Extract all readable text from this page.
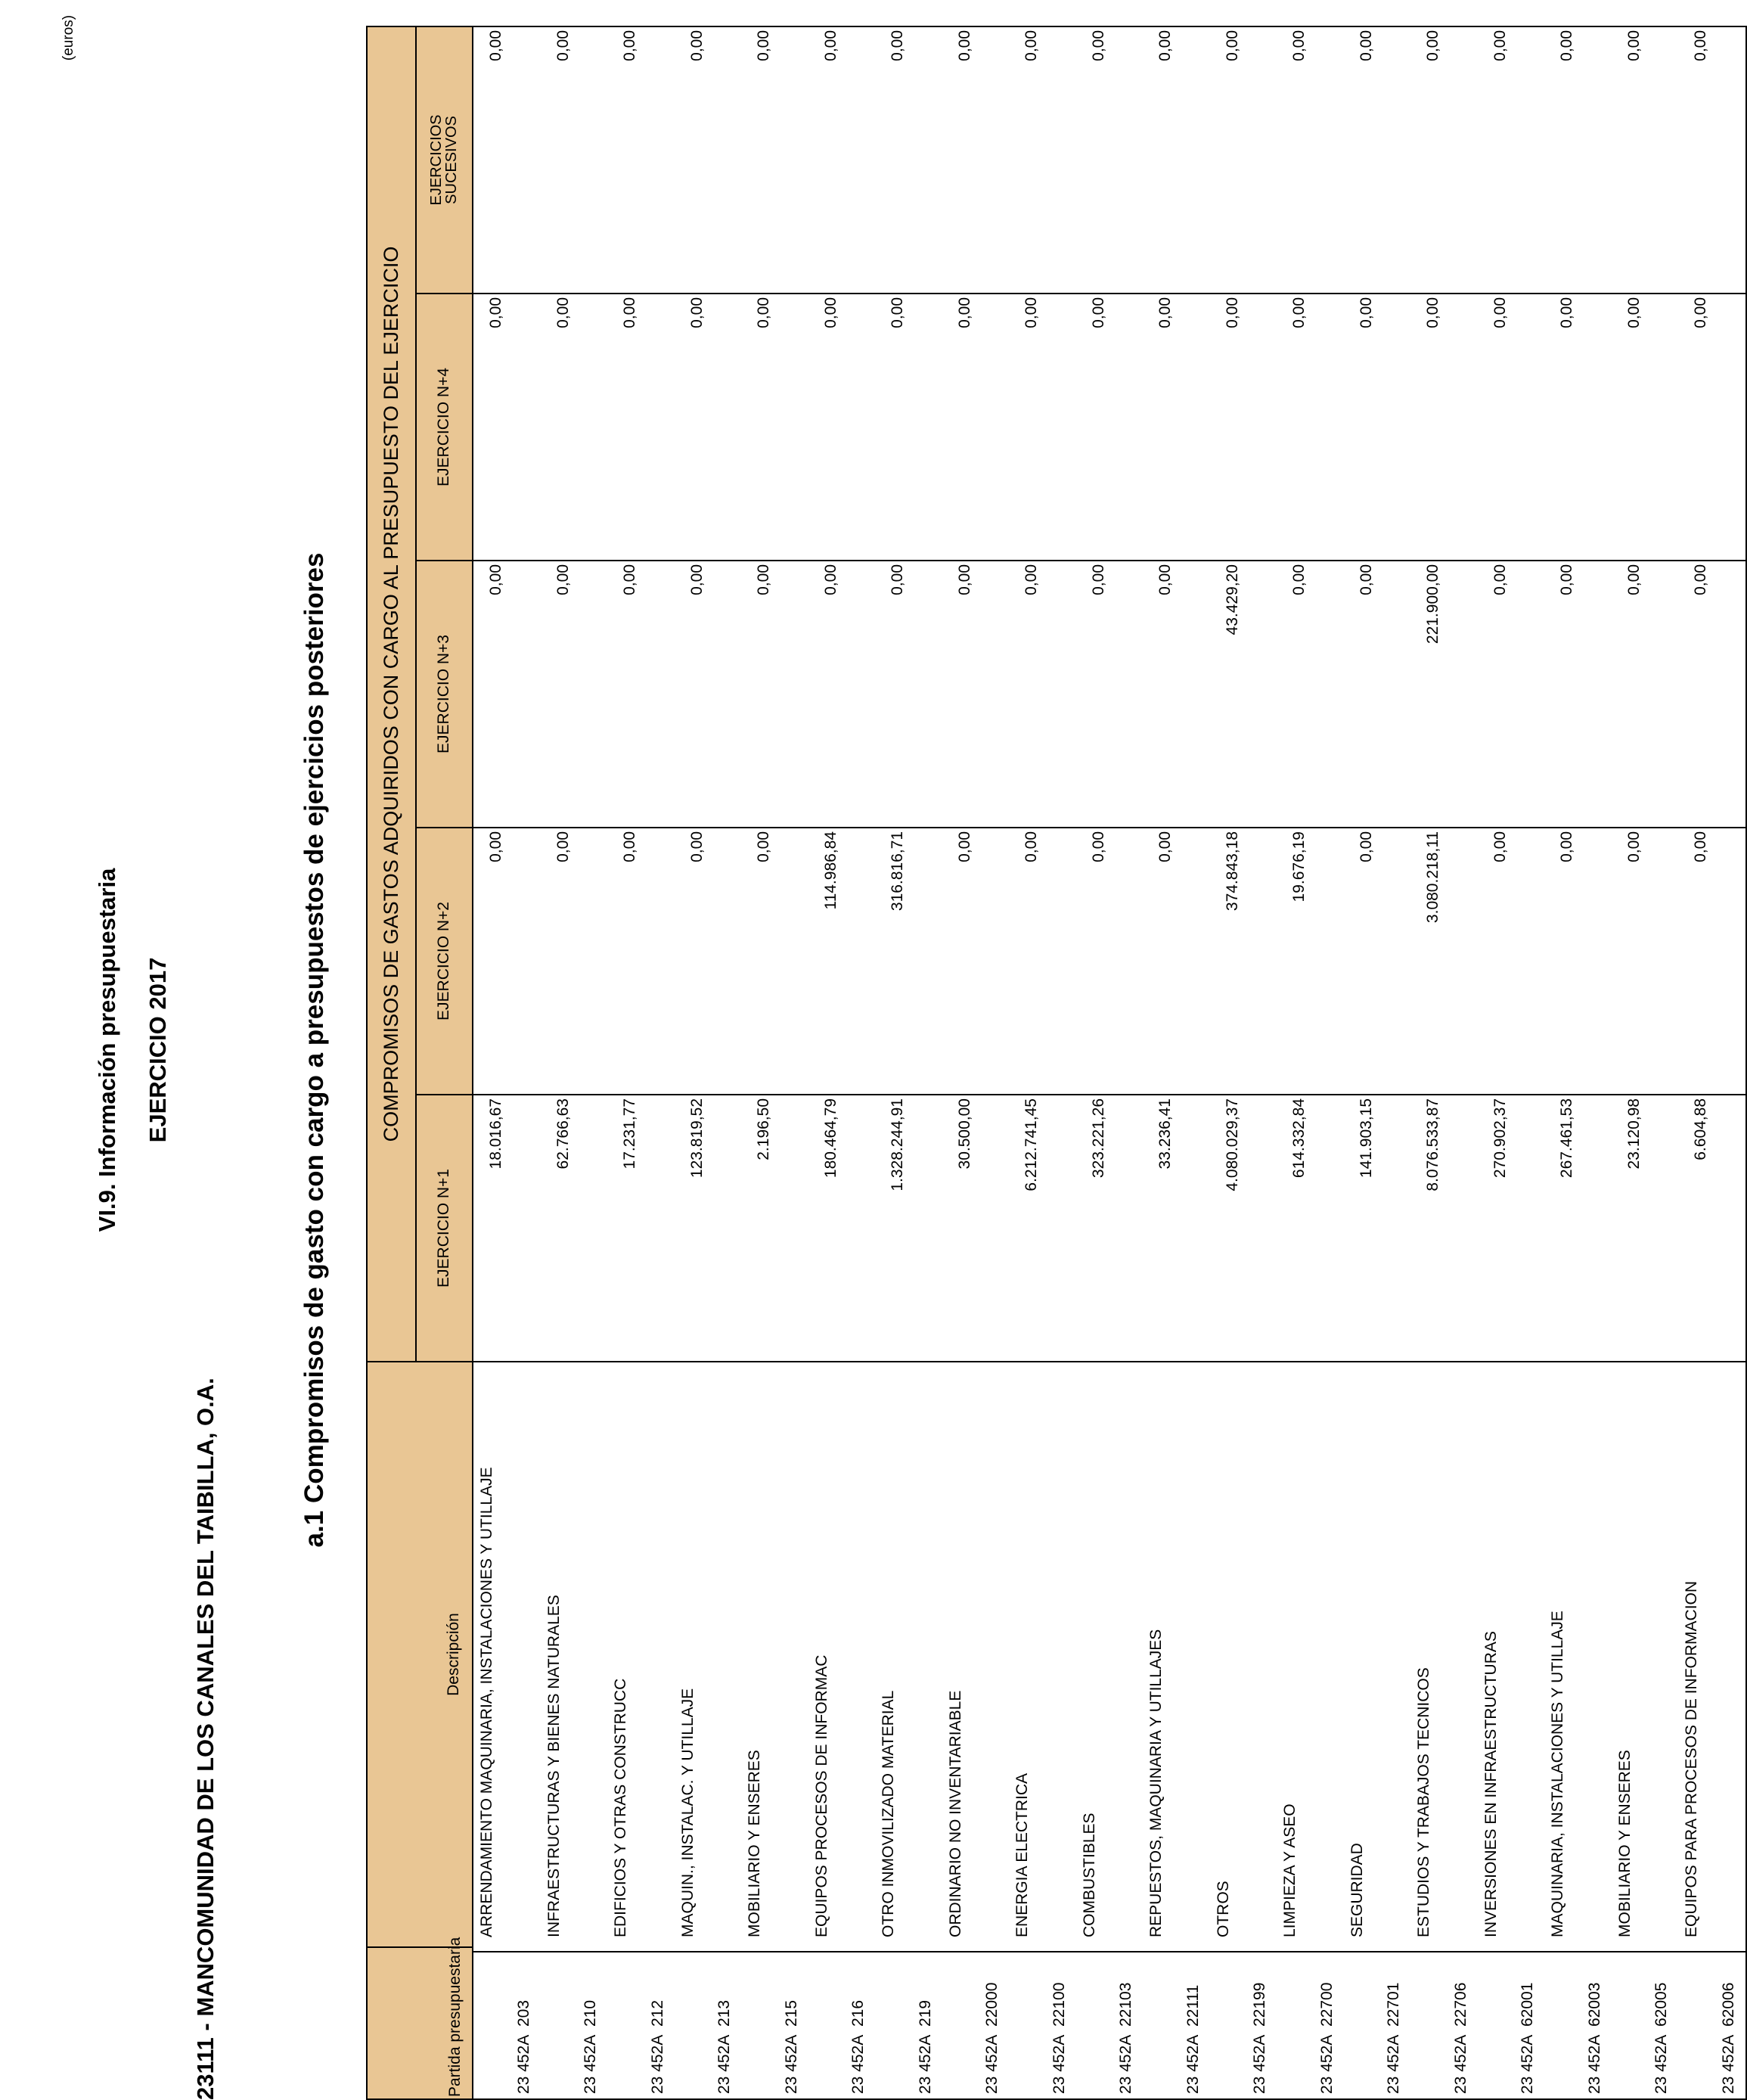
VI.9. Información presupuestaria EJERCICIO 2017
23111 - MANCOMUNIDAD DE LOS CANALES DEL TAIBILLA, O.A.
(euros)
a.1 Compromisos de gasto con cargo a presupuestos de ejercicios posteriores
Partida presupuestaria	Descripción
	COMPROMISOS DE GASTOS ADQUIRIDOS CON CARGO AL PRESUPUESTO DEL EJERCICIO
EJERCICIO N+1	EJERCICIO N+2	EJERCICIO N+3	EJERCICIO N+4	
EJERCICIOS
SUCESIVOS

23 452A	203	ARRENDAMIENTO MAQUINARIA, INSTALACIONES Y UTILLAJE	18.016,67	0,00	0,00	0,00	0,00
23 452A	210	INFRAESTRUCTURAS Y BIENES NATURALES	62.766,63	0,00	0,00	0,00	0,00
23 452A	212	EDIFICIOS Y OTRAS CONSTRUCC	17.231,77	0,00	0,00	0,00	0,00
23 452A	213	MAQUIN., INSTALAC. Y UTILLAJE	123.819,52	0,00	0,00	0,00	0,00
23 452A	215	MOBILIARIO Y ENSERES	2.196,50	0,00	0,00	0,00	0,00
23 452A	216	EQUIPOS PROCESOS DE INFORMAC	180.464,79	114.986,84	0,00	0,00	0,00
23 452A	219	OTRO INMOVILIZADO MATERIAL	1.328.244,91	316.816,71	0,00	0,00	0,00
23 452A	22000	ORDINARIO NO INVENTARIABLE	30.500,00	0,00	0,00	0,00	0,00
23 452A	22100	ENERGIA ELECTRICA	6.212.741,45	0,00	0,00	0,00	0,00
23 452A	22103	COMBUSTIBLES	323.221,26	0,00	0,00	0,00	0,00
23 452A	22111	REPUESTOS, MAQUINARIA Y UTILLAJES	33.236,41	0,00	0,00	0,00	0,00
23 452A	22199	OTROS	4.080.029,37	374.843,18	43.429,20	0,00	0,00
23 452A	22700	LIMPIEZA Y ASEO	614.332,84	19.676,19	0,00	0,00	0,00
23 452A	22701	SEGURIDAD	141.903,15	0,00	0,00	0,00	0,00
23 452A	22706	ESTUDIOS Y TRABAJOS TECNICOS	8.076.533,87	3.080.218,11	221.900,00	0,00	0,00
23 452A	62001	INVERSIONES EN INFRAESTRUCTURAS	270.902,37	0,00	0,00	0,00	0,00
23 452A	62003	MAQUINARIA, INSTALACIONES Y UTILLAJE	267.461,53	0,00	0,00	0,00	0,00
23 452A	62005	MOBILIARIO Y ENSERES	23.120,98	0,00	0,00	0,00	0,00
23 452A	62006	EQUIPOS PARA PROCESOS DE INFORMACION	6.604,88	0,00	0,00	0,00	0,00
